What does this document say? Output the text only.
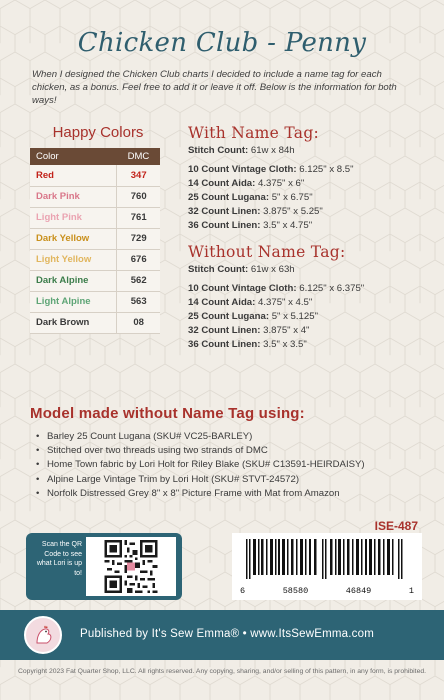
Chicken Club - Penny
When I designed the Chicken Club charts I decided to include a name tag for each chicken, as a bonus. Feel free to add it or leave it off. Below is the information for both ways!
Happy Colors
Color	DMC
Red	347
Dark Pink	760
Light Pink	761
Dark Yellow	729
Light Yellow	676
Dark Alpine	562
Light Alpine	563
Dark Brown	08
With Name Tag:
Stitch Count: 61w x 84h
10 Count Vintage Cloth: 6.125" x 8.5"
14 Count Aida: 4.375" x 6"
25 Count Lugana: 5" x 6.75"
32 Count Linen: 3.875" x 5.25"
36 Count Linen: 3.5" x 4.75"
Without Name Tag:
Stitch Count: 61w x 63h
10 Count Vintage Cloth: 6.125" x 6.375"
14 Count Aida: 4.375" x 4.5"
25 Count Lugana: 5" x 5.125"
32 Count Linen: 3.875" x 4"
36 Count Linen: 3.5" x 3.5"
Model made without Name Tag using:
• Barley 25 Count Lugana (SKU# VC25-BARLEY)
• Stitched over two threads using two strands of DMC
• Home Town fabric by Lori Holt for Riley Blake (SKU# C13591-HEIRDAISY)
• Alpine Large Vintage Trim by Lori Holt (SKU# STVT-24572)
• Norfolk Distressed Grey 8" x 8" Picture Frame with Mat from Amazon
ISE-487
Scan the QR Code to see what Lori is up to!
6	58580	46849	1
Published by It's Sew Emma® • www.ItsSewEmma.com
Copyright 2023 Fat Quarter Shop, LLC. All rights reserved. Any copying, sharing, and/or selling of this pattern, in any form, is prohibited.
